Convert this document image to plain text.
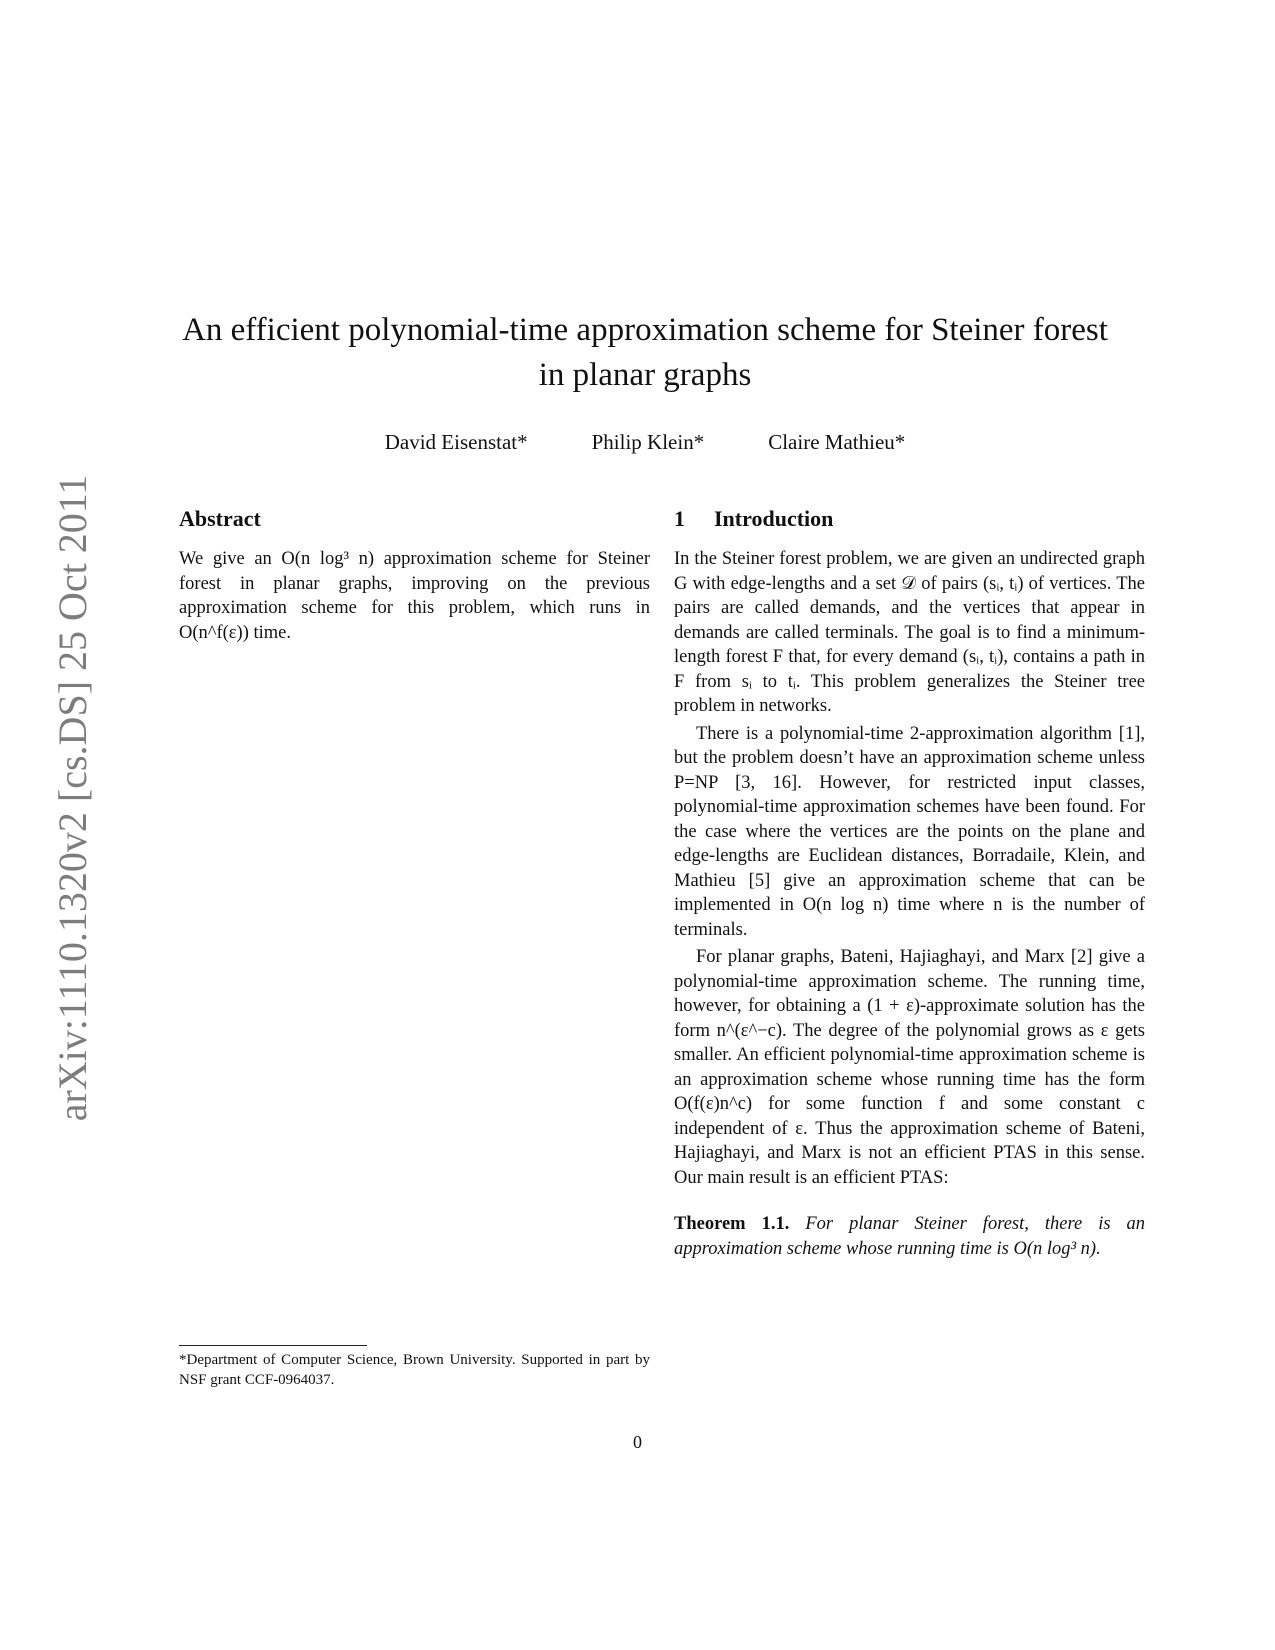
arXiv:1110.1320v2 [cs.DS] 25 Oct 2011
An efficient polynomial-time approximation scheme for Steiner forest in planar graphs
David Eisenstat*	Philip Klein*	Claire Mathieu*
Abstract

We give an O(n log³ n) approximation scheme for Steiner forest in planar graphs, improving on the previous approximation scheme for this problem, which runs in O(n^f(ε)) time.

1 Introduction

In the Steiner forest problem, we are given an undirected graph G with edge-lengths and a set 𝒟 of pairs (sᵢ, tᵢ) of vertices. The pairs are called demands, and the vertices that appear in demands are called terminals. The goal is to find a minimum-length forest F that, for every demand (sᵢ, tᵢ), contains a path in F from sᵢ to tᵢ. This problem generalizes the Steiner tree problem in networks.

There is a polynomial-time 2-approximation algorithm [1], but the problem doesn’t have an approximation scheme unless P=NP [3, 16]. However, for restricted input classes, polynomial-time approximation schemes have been found. For the case where the vertices are the points on the plane and edge-lengths are Euclidean distances, Borradaile, Klein, and Mathieu [5] give an approximation scheme that can be implemented in O(n log n) time where n is the number of terminals.

For planar graphs, Bateni, Hajiaghayi, and Marx [2] give a polynomial-time approximation scheme. The running time, however, for obtaining a (1 + ε)-approximate solution has the form n^(ε^−c). The degree of the polynomial grows as ε gets smaller. An efficient polynomial-time approximation scheme is an approximation scheme whose running time has the form O(f(ε)n^c) for some function f and some constant c independent of ε. Thus the approximation scheme of Bateni, Hajiaghayi, and Marx is not an efficient PTAS in this sense. Our main result is an efficient PTAS:

Theorem 1.1. For planar Steiner forest, there is an approximation scheme whose running time is O(n log³ n).

*Department of Computer Science, Brown University. Supported in part by NSF grant CCF-0964037.
0
